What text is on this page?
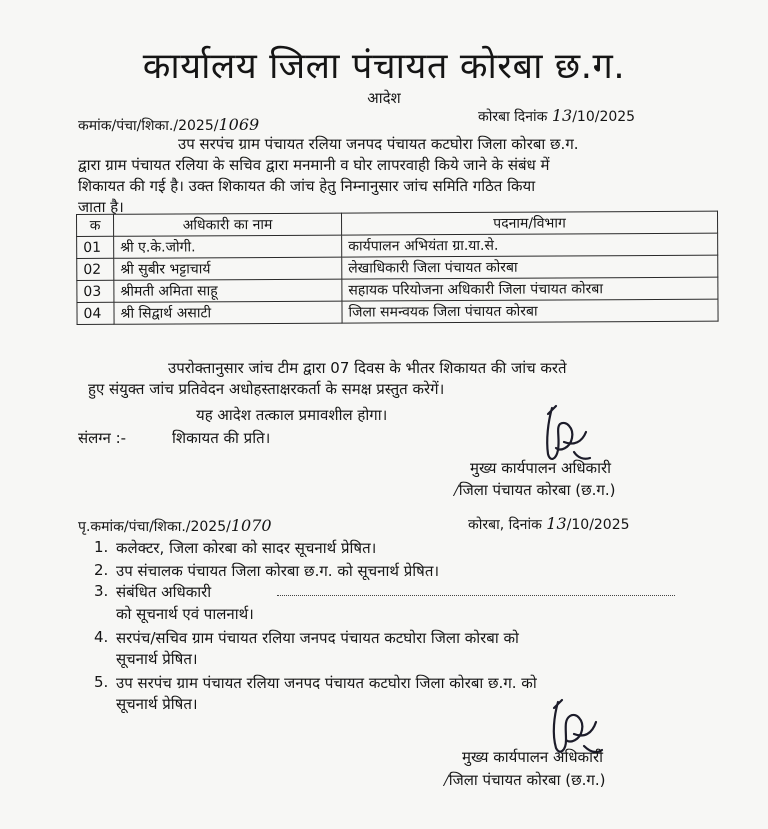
कार्यालय जिला पंचायत कोरबा छ.ग.
आदेश
कमांक/पंचा/शिका./2025/1069	कोरबा दिनांक 13/10/2025
उप सरपंच ग्राम पंचायत रलिया जनपद पंचायत कटघोरा जिला कोरबा छ.ग.
द्वारा ग्राम पंचायत रलिया के सचिव द्वारा मनमानी व घोर लापरवाही किये जाने के संबंध में
शिकायत की गई है। उक्त शिकायत की जांच हेतु निम्नानुसार जांच समिति गठित किया
जाता है।
क	अधिकारी का नाम	पदनाम/विभाग
01	श्री ए.के.जोगी.	कार्यपालन अभियंता ग्रा.या.से.
02	श्री सुबीर भट्टाचार्य	लेखाधिकारी जिला पंचायत कोरबा
03	श्रीमती अमिता साहू	सहायक परियोजना अधिकारी जिला पंचायत कोरबा
04	श्री सिद्वार्थ असाटी	जिला समन्वयक जिला पंचायत कोरबा
उपरोक्तानुसार जांच टीम द्वारा 07 दिवस के भीतर शिकायत की जांच करते
हुए संयुक्त जांच प्रतिवेदन अधोहस्ताक्षरकर्ता के समक्ष प्रस्तुत करेगें।
यह आदेश तत्काल प्रमावशील होगा।
संलग्न :-	शिकायत की प्रति।
मुख्य कार्यपालन अधिकारी
/जिला पंचायत कोरबा (छ.ग.)
पृ.कमांक/पंचा/शिका./2025/1070	कोरबा, दिनांक 13/10/2025
1. कलेक्टर, जिला कोरबा को सादर सूचनार्थ प्रेषित।
2. उप संचालक पंचायत जिला कोरबा छ.ग. को सूचनार्थ प्रेषित।
3. संबंधित अधिकारी
को सूचनार्थ एवं पालनार्थ।
4. सरपंच/सचिव ग्राम पंचायत रलिया जनपद पंचायत कटघोरा जिला कोरबा को
सूचनार्थ प्रेषित।
5. उप सरपंच ग्राम पंचायत रलिया जनपद पंचायत कटघोरा जिला कोरबा छ.ग. को
सूचनार्थ प्रेषित।
मुख्य कार्यपालन अधिकारी
/जिला पंचायत कोरबा (छ.ग.)
